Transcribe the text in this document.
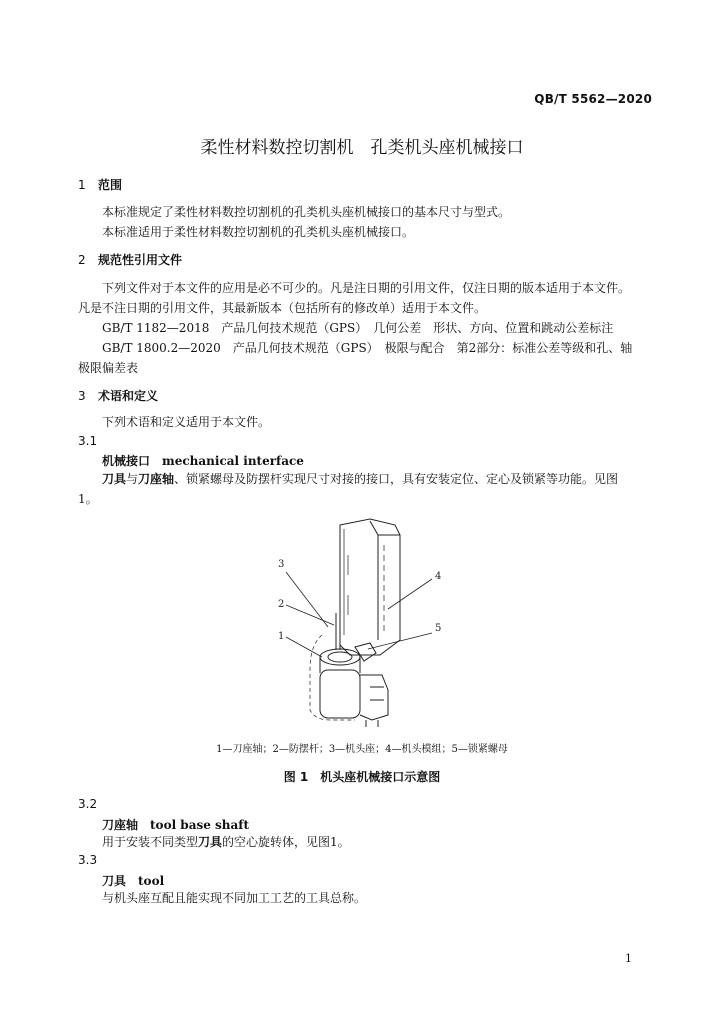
QB/T 5562—2020
柔性材料数控切割机　孔类机头座机械接口
1 范围
本标准规定了柔性材料数控切割机的孔类机头座机械接口的基本尺寸与型式。
本标准适用于柔性材料数控切割机的孔类机头座机械接口。
2 规范性引用文件
下列文件对于本文件的应用是必不可少的。凡是注日期的引用文件，仅注日期的版本适用于本文件。
凡是不注日期的引用文件，其最新版本（包括所有的修改单）适用于本文件。
GB/T 1182—2018　产品几何技术规范（GPS）　几何公差　形状、方向、位置和跳动公差标注
GB/T 1800.2—2020　产品几何技术规范（GPS）　极限与配合　第2部分：标准公差等级和孔、轴
极限偏差表
3 术语和定义
下列术语和定义适用于本文件。
3.1
机械接口 mechanical interface
刀具与刀座轴、锁紧螺母及防摆杆实现尺寸对接的接口，具有安装定位、定心及锁紧等功能。见图
1。
3
2
1
4
5
1—刀座轴；2—防摆杆；3—机头座；4—机头模组；5—锁紧螺母
图 1　机头座机械接口示意图
3.2
刀座轴 tool base shaft
用于安装不同类型刀具的空心旋转体，见图1。
3.3
刀具 tool
与机头座互配且能实现不同加工工艺的工具总称。
1
